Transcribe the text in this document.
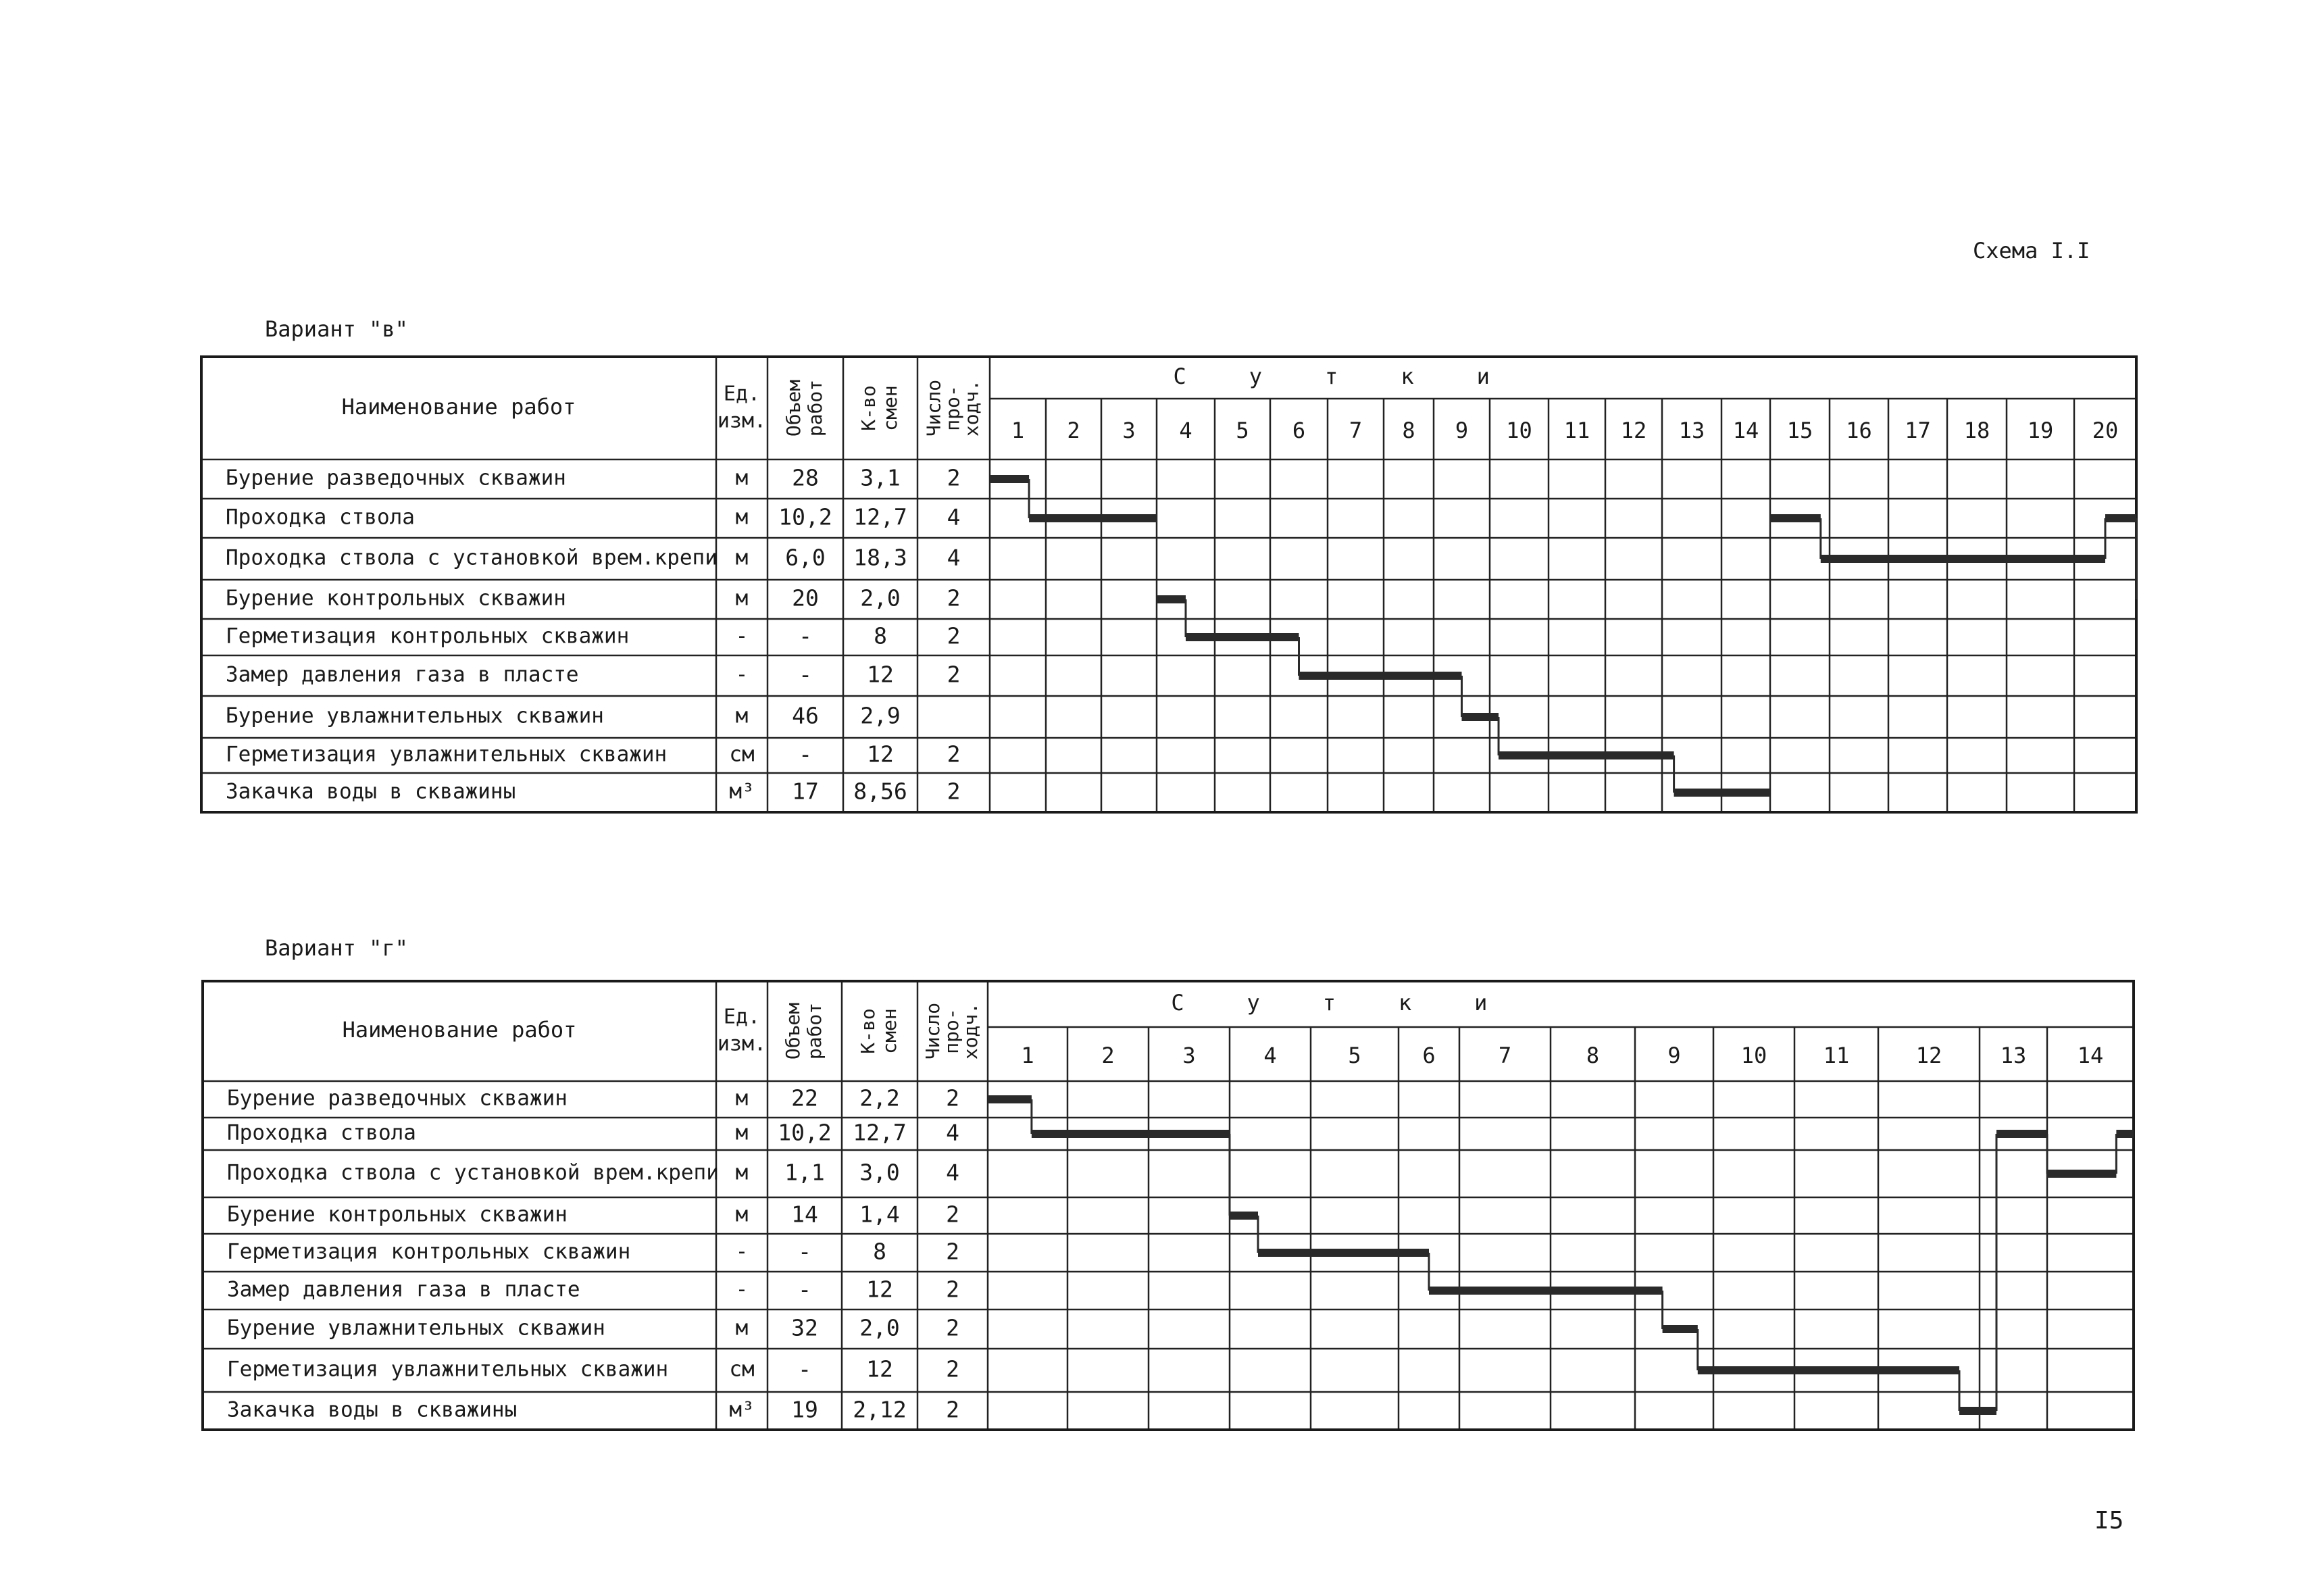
Схема I.I
Вариант "в"
Наименование работ	Ед.
изм. Объем работ К-во смен Число
про-
ходч.
Сутки
1 2 3 4 5 6 7 8 9 10 11 12 13 14 15 16 17 18 19 20
Бурение разведочных скважин	м 28 3,1 2
Проходка ствола	м 10,2 12,7 4
Проходка ствола с установкой врем.крепи м 6,0 18,3 4
Бурение контрольных скважин	м 20 2,0 2
Герметизация контрольных скважин	- -	8	2
Замер давления газа в пласте	- - 12 2
Бурение увлажнительных скважин	м 46 2,9
Герметизация увлажнительных скважин	см - 12 2
Закачка воды в скважины	м³ 17 8,56 2
Вариант "г"
Наименование работ	Ед.
изм. Объем работ К-во смен Число
про-
ходч.	Сутки
1	2	3	4	5	6	7	8	9	10	11	12	13 14
Бурение разведочных скважин	м 22 2,2 2
Проходка ствола	м 10,2 12,7 4
Проходка ствола с установкой врем.крепи м 1,1 3,0 4
Бурение контрольных скважин	м 14 1,4 2
Герметизация контрольных скважин	- -	8	2
Замер давления газа в пласте	- - 12 2
Бурение увлажнительных скважин	м 32 2,0 2
Герметизация увлажнительных скважин	см - 12 2
Закачка воды в скважины	м³ 19 2,12 2
I5
